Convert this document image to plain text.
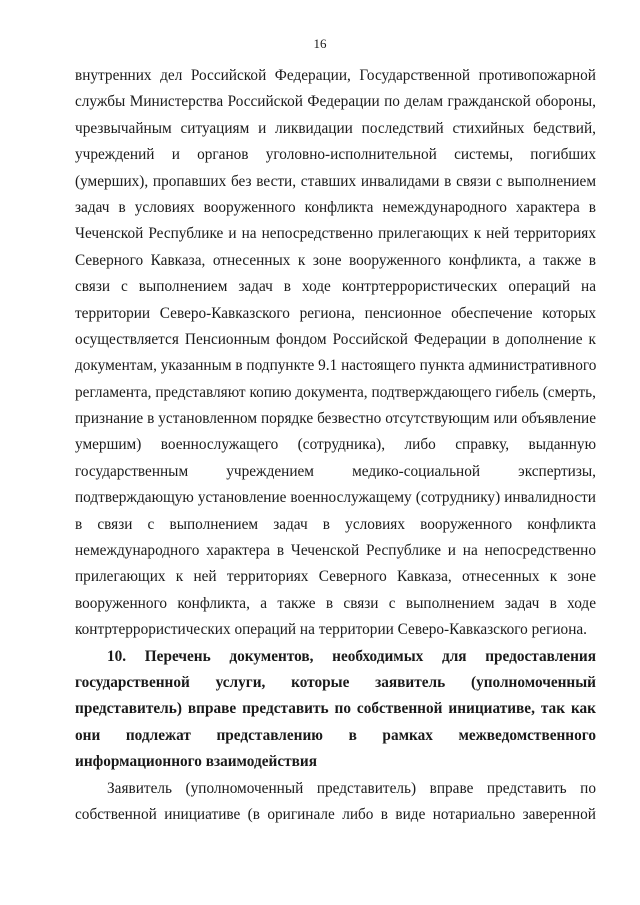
16
внутренних дел Российской Федерации, Государственной противопожарной
службы Министерства Российской Федерации по делам гражданской обороны,
чрезвычайным ситуациям и ликвидации последствий стихийных бедствий,
учреждений и органов уголовно-исполнительной системы, погибших
(умерших), пропавших без вести, ставших инвалидами в связи с выполнением
задач в условиях вооруженного конфликта немеждународного характера в
Чеченской Республике и на непосредственно прилегающих к ней территориях
Северного Кавказа, отнесенных к зоне вооруженного конфликта, а также в
связи с выполнением задач в ходе контртеррористических операций на
территории Северо-Кавказского региона, пенсионное обеспечение которых
осуществляется Пенсионным фондом Российской Федерации в дополнение к
документам, указанным в подпункте 9.1 настоящего пункта административного
регламента, представляют копию документа, подтверждающего гибель (смерть,
признание в установленном порядке безвестно отсутствующим или объявление
умершим) военнослужащего (сотрудника), либо справку, выданную
государственным учреждением медико-социальной экспертизы,
подтверждающую установление военнослужащему (сотруднику) инвалидности
в связи с выполнением задач в условиях вооруженного конфликта
немеждународного характера в Чеченской Республике и на непосредственно
прилегающих к ней территориях Северного Кавказа, отнесенных к зоне
вооруженного конфликта, а также в связи с выполнением задач в ходе
контртеррористических операций на территории Северо-Кавказского региона.
10. Перечень документов, необходимых для предоставления
государственной услуги, которые заявитель (уполномоченный
представитель) вправе представить по собственной инициативе, так как
они подлежат представлению в рамках межведомственного
информационного взаимодействия
Заявитель (уполномоченный представитель) вправе представить по
собственной инициативе (в оригинале либо в виде нотариально заверенной
